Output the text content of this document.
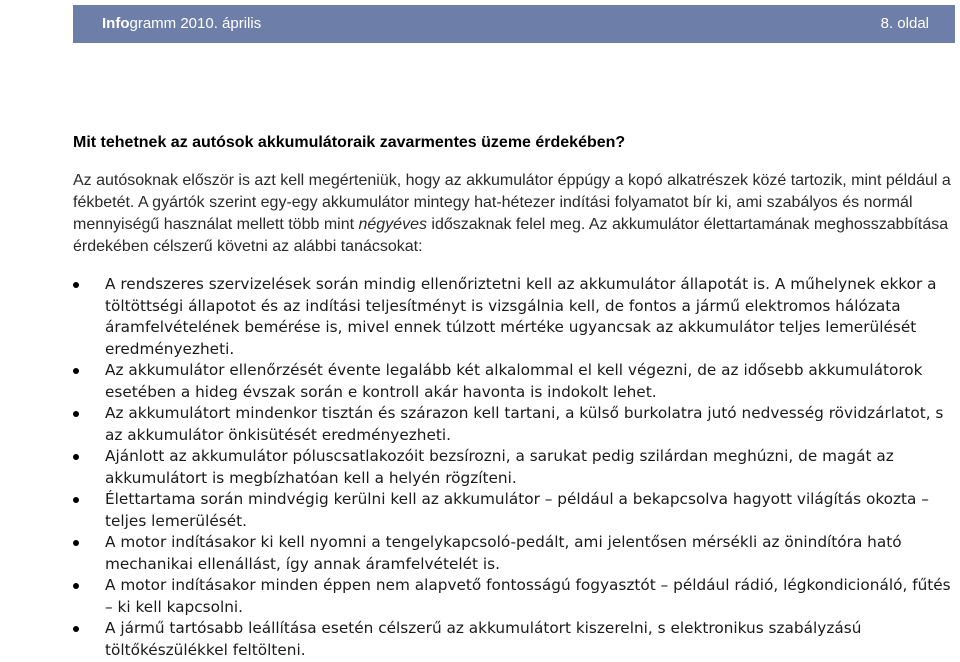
Infogramm 2010. április	8. oldal
Mit tehetnek az autósok akkumulátoraik zavarmentes üzeme érdekében?

Az autósoknak először is azt kell megérteniük, hogy az akkumulátor éppúgy a kopó alkatrészek közé tartozik, mint például a fékbetét. A gyártók szerint egy-egy akkumulátor mintegy hat-hétezer indítási folyamatot bír ki, ami szabályos és normál mennyiségű használat mellett több mint négyéves időszaknak felel meg. Az akkumulátor élettartamának meghosszabbítása érdekében célszerű követni az alábbi tanácsokat:

A rendszeres szervizelések során mindig ellenőriztetni kell az akkumulátor állapotát is. A műhelynek ekkor a töltöttségi állapotot és az indítási teljesítményt is vizsgálnia kell, de fontos a jármű elektromos hálózata áramfelvételének bemérése is, mivel ennek túlzott mértéke ugyancsak az akkumulátor teljes lemerülését eredményezheti.
Az akkumulátor ellenőrzését évente legalább két alkalommal el kell végezni, de az idősebb akkumulátorok esetében a hideg évszak során e kontroll akár havonta is indokolt lehet.
Az akkumulátort mindenkor tisztán és szárazon kell tartani, a külső burkolatra jutó nedvesség rövidzárlatot, s az akkumulátor önkisütését eredményezheti.
Ajánlott az akkumulátor póluscsatlakozóit bezsírozni, a sarukat pedig szilárdan meghúzni, de magát az akkumulátort is megbízhatóan kell a helyén rögzíteni.
Élettartama során mindvégig kerülni kell az akkumulátor – például a bekapcsolva hagyott világítás okozta – teljes lemerülését.
A motor indításakor ki kell nyomni a tengelykapcsoló-pedált, ami jelentősen mérsékli az önindítóra ható mechanikai ellenállást, így annak áramfelvételét is.
A motor indításakor minden éppen nem alapvető fontosságú fogyasztót – például rádió, légkondicionáló, fűtés – ki kell kapcsolni.
A jármű tartósabb leállítása esetén célszerű az akkumulátort kiszerelni, s elektronikus szabályzású töltőkészülékkel feltölteni.
